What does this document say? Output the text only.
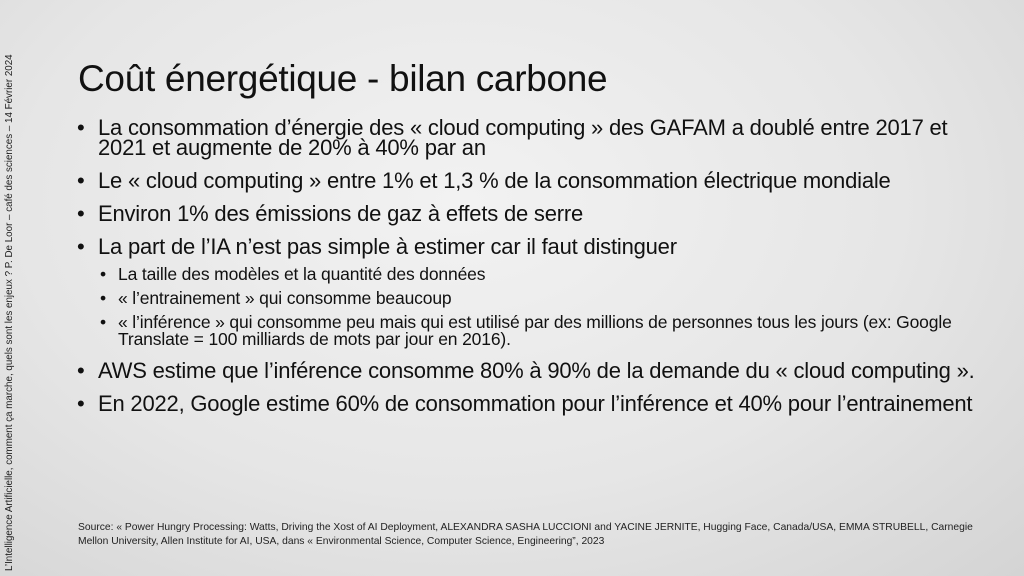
L’Intelligence Artificielle, comment ça marche, quels sont les enjeux ? P. De Loor – café des sciences – 14 Février 2024 Coût énergétique - bilan carbone
• La consommation d’énergie des « cloud computing » des GAFAM a doublé entre 2017 et 2021 et augmente de 20% à 40% par an
• Le « cloud computing » entre 1% et 1,3 % de la consommation électrique mondiale
• Environ 1% des émissions de gaz à effets de serre
• La part de l’IA n’est pas simple à estimer car il faut distinguer
• La taille des modèles et la quantité des données
• « l’entrainement » qui consomme beaucoup
• « l’inférence » qui consomme peu mais qui est utilisé par des millions de personnes tous les jours (ex: Google Translate = 100 milliards de mots par jour en 2016).
• AWS estime que l’inférence consomme 80% à 90% de la demande du « cloud computing ».
• En 2022, Google estime 60% de consommation pour l’inférence et 40% pour l’entrainement
Source: « Power Hungry Processing: Watts, Driving the Xost of AI Deployment, ALEXANDRA SASHA LUCCIONI and YACINE JERNITE, Hugging Face, Canada/USA, EMMA STRUBELL, Carnegie Mellon University, Allen Institute for AI, USA, dans « Environmental Science, Computer Science, Engineering”, 2023
